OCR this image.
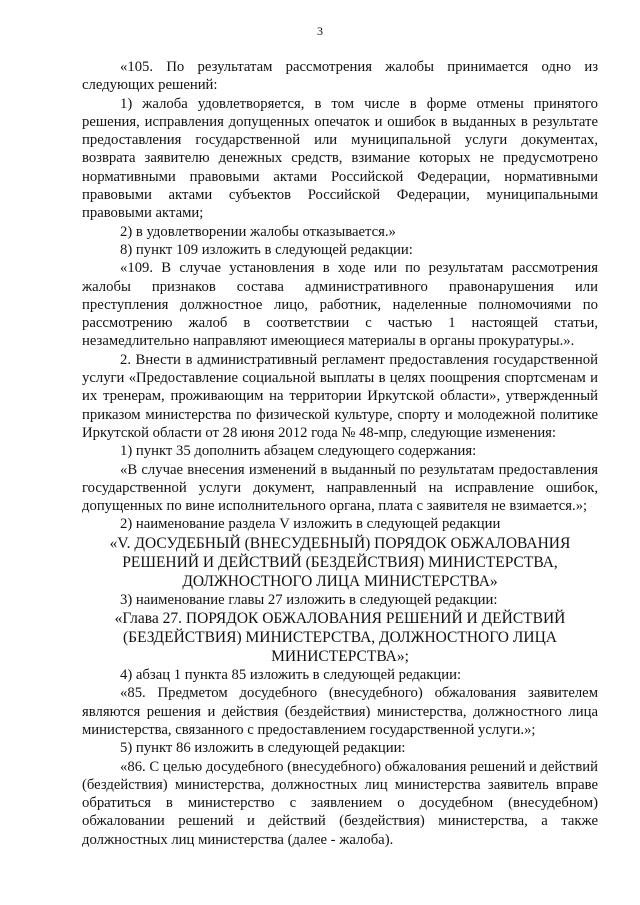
3

«105. По результатам рассмотрения жалобы принимается одно из следующих решений:

1) жалоба удовлетворяется, в том числе в форме отмены принятого решения, исправления допущенных опечаток и ошибок в выданных в результате предоставления государственной или муниципальной услуги документах, возврата заявителю денежных средств, взимание которых не предусмотрено нормативными правовыми актами Российской Федерации, нормативными правовыми актами субъектов Российской Федерации, муниципальными правовыми актами;

2) в удовлетворении жалобы отказывается.»

8) пункт 109 изложить в следующей редакции:

«109. В случае установления в ходе или по результатам рассмотрения жалобы признаков состава административного правонарушения или преступления должностное лицо, работник, наделенные полномочиями по рассмотрению жалоб в соответствии с частью 1 настоящей статьи, незамедлительно направляют имеющиеся материалы в органы прокуратуры.».

2. Внести в административный регламент предоставления государственной услуги «Предоставление социальной выплаты в целях поощрения спортсменам и их тренерам, проживающим на территории Иркутской области», утвержденный приказом министерства по физической культуре, спорту и молодежной политике Иркутской области от 28 июня 2012 года № 48-мпр, следующие изменения:

1) пункт 35 дополнить абзацем следующего содержания:

«В случае внесения изменений в выданный по результатам предоставления государственной услуги документ, направленный на исправление ошибок, допущенных по вине исполнительного органа, плата с заявителя не взимается.»;

2) наименование раздела V изложить в следующей редакции

«V. ДОСУДЕБНЫЙ (ВНЕСУДЕБНЫЙ) ПОРЯДОК ОБЖАЛОВАНИЯ РЕШЕНИЙ И ДЕЙСТВИЙ (БЕЗДЕЙСТВИЯ) МИНИСТЕРСТВА, ДОЛЖНОСТНОГО ЛИЦА МИНИСТЕРСТВА»

3) наименование главы 27 изложить в следующей редакции:

«Глава 27. ПОРЯДОК ОБЖАЛОВАНИЯ РЕШЕНИЙ И ДЕЙСТВИЙ (БЕЗДЕЙСТВИЯ) МИНИСТЕРСТВА, ДОЛЖНОСТНОГО ЛИЦА МИНИСТЕРСТВА»;

4) абзац 1 пункта 85 изложить в следующей редакции:

«85. Предметом досудебного (внесудебного) обжалования заявителем являются решения и действия (бездействия) министерства, должностного лица министерства, связанного с предоставлением государственной услуги.»;

5) пункт 86 изложить в следующей редакции:

«86. С целью досудебного (внесудебного) обжалования решений и действий (бездействия) министерства, должностных лиц министерства заявитель вправе обратиться в министерство с заявлением о досудебном (внесудебном) обжаловании решений и действий (бездействия) министерства, а также должностных лиц министерства (далее - жалоба).
